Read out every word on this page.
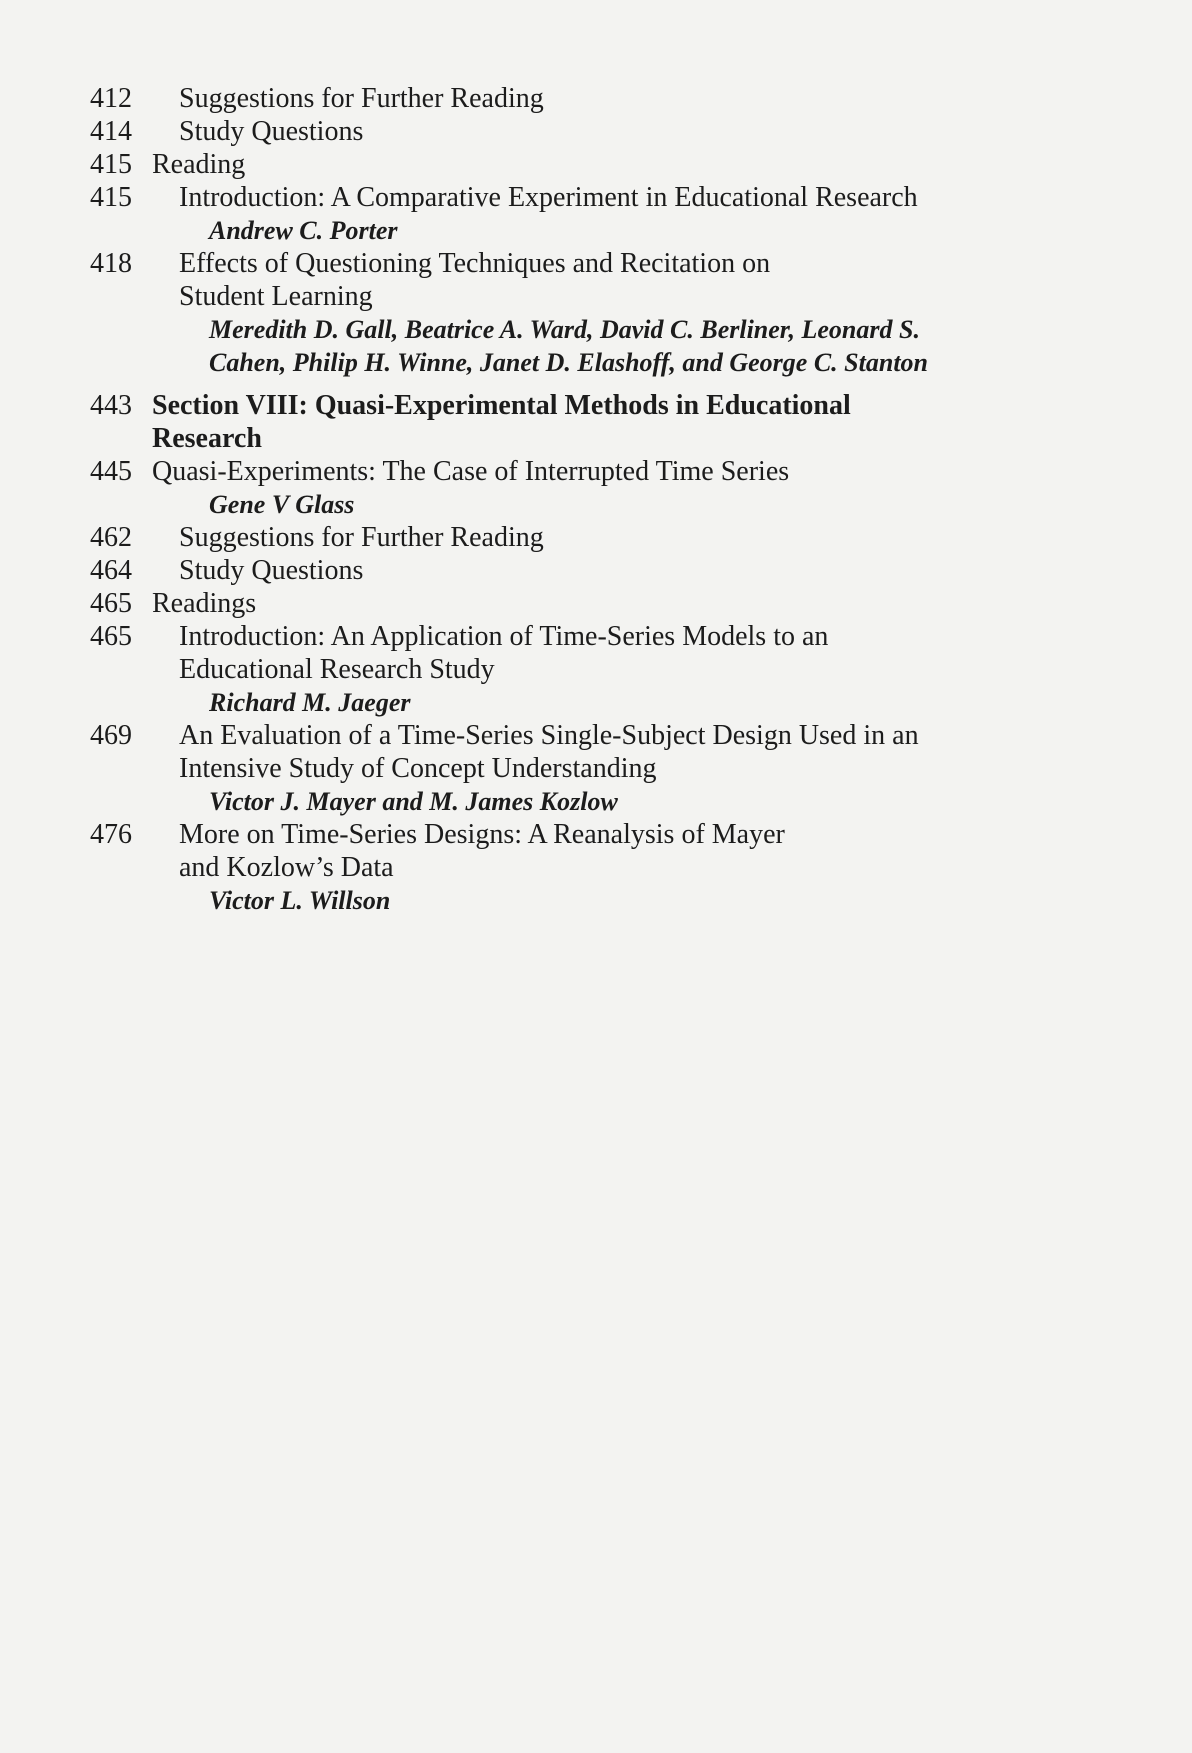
412	Suggestions for Further Reading
414	Study Questions
415 Reading
415	Introduction: A Comparative Experiment in Educational Research
Andrew C. Porter
418	Effects of Questioning Techniques and Recitation on
Student Learning
Meredith D. Gall, Beatrice A. Ward, David C. Berliner, Leonard S.
Cahen, Philip H. Winne, Janet D. Elashoff, and George C. Stanton
443 Section VIII: Quasi-Experimental Methods in Educational
Research
445 Quasi-Experiments: The Case of Interrupted Time Series
Gene V Glass
462	Suggestions for Further Reading
464	Study Questions
465 Readings
465	Introduction: An Application of Time-Series Models to an
Educational Research Study
Richard M. Jaeger
469	An Evaluation of a Time-Series Single-Subject Design Used in an
Intensive Study of Concept Understanding
Victor J. Mayer and M. James Kozlow
476	More on Time-Series Designs: A Reanalysis of Mayer
and Kozlow’s Data
Victor L. Willson
